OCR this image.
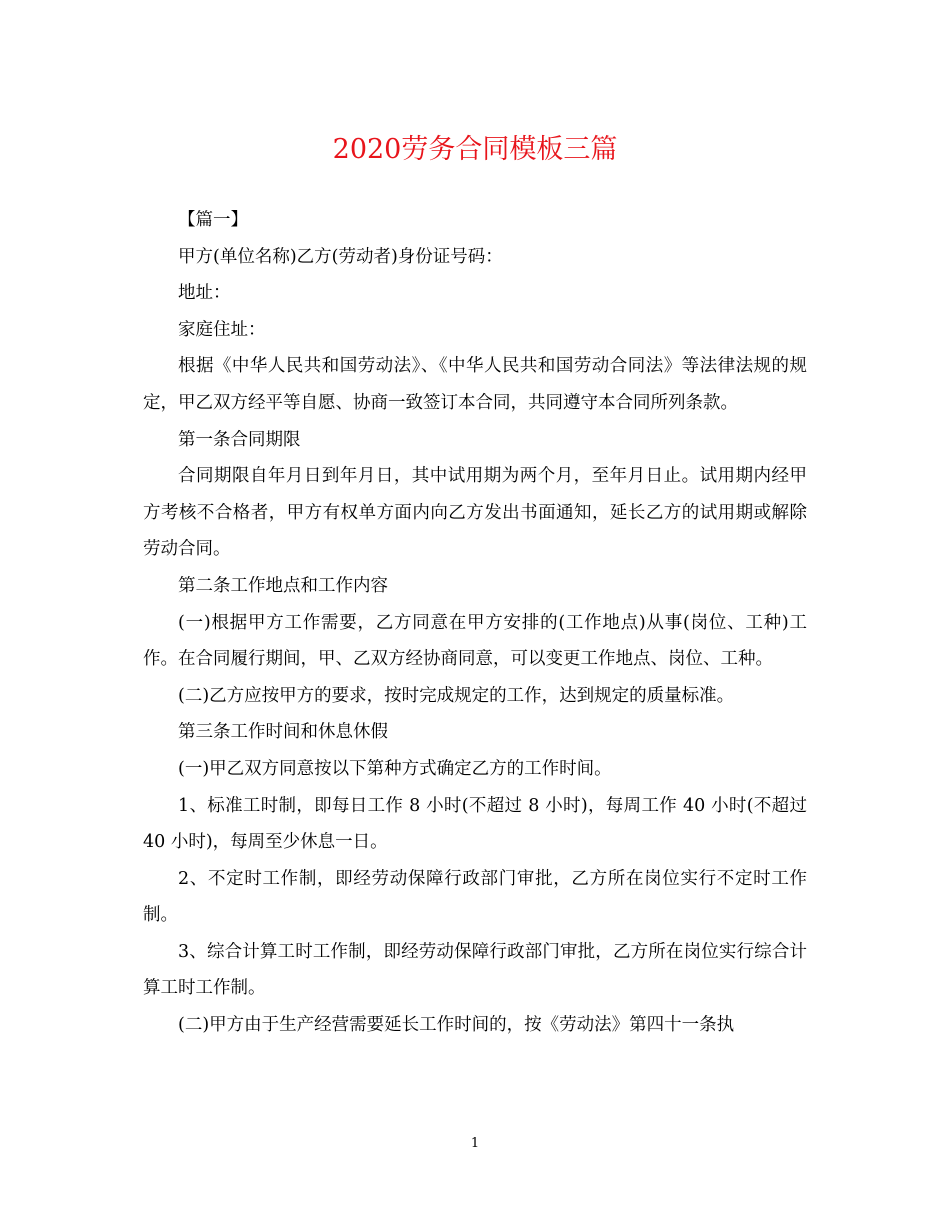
2020劳务合同模板三篇

【篇一】

甲方(单位名称)乙方(劳动者)身份证号码：

地址：

家庭住址：

根据《中华人民共和国劳动法》、《中华人民共和国劳动合同法》等法律法规的规定，甲乙双方经平等自愿、协商一致签订本合同，共同遵守本合同所列条款。

第一条合同期限

合同期限自年月日到年月日，其中试用期为两个月，至年月日止。试用期内经甲方考核不合格者，甲方有权单方面内向乙方发出书面通知，延长乙方的试用期或解除劳动合同。

第二条工作地点和工作内容

(一)根据甲方工作需要，乙方同意在甲方安排的(工作地点)从事(岗位、工种)工作。在合同履行期间，甲、乙双方经协商同意，可以变更工作地点、岗位、工种。

(二)乙方应按甲方的要求，按时完成规定的工作，达到规定的质量标准。

第三条工作时间和休息休假

(一)甲乙双方同意按以下第种方式确定乙方的工作时间。

1、标准工时制，即每日工作 8 小时(不超过 8 小时)，每周工作 40 小时(不超过 40 小时)，每周至少休息一日。

2、不定时工作制，即经劳动保障行政部门审批，乙方所在岗位实行不定时工作制。

3、综合计算工时工作制，即经劳动保障行政部门审批，乙方所在岗位实行综合计算工时工作制。

(二)甲方由于生产经营需要延长工作时间的，按《劳动法》第四十一条执

1
